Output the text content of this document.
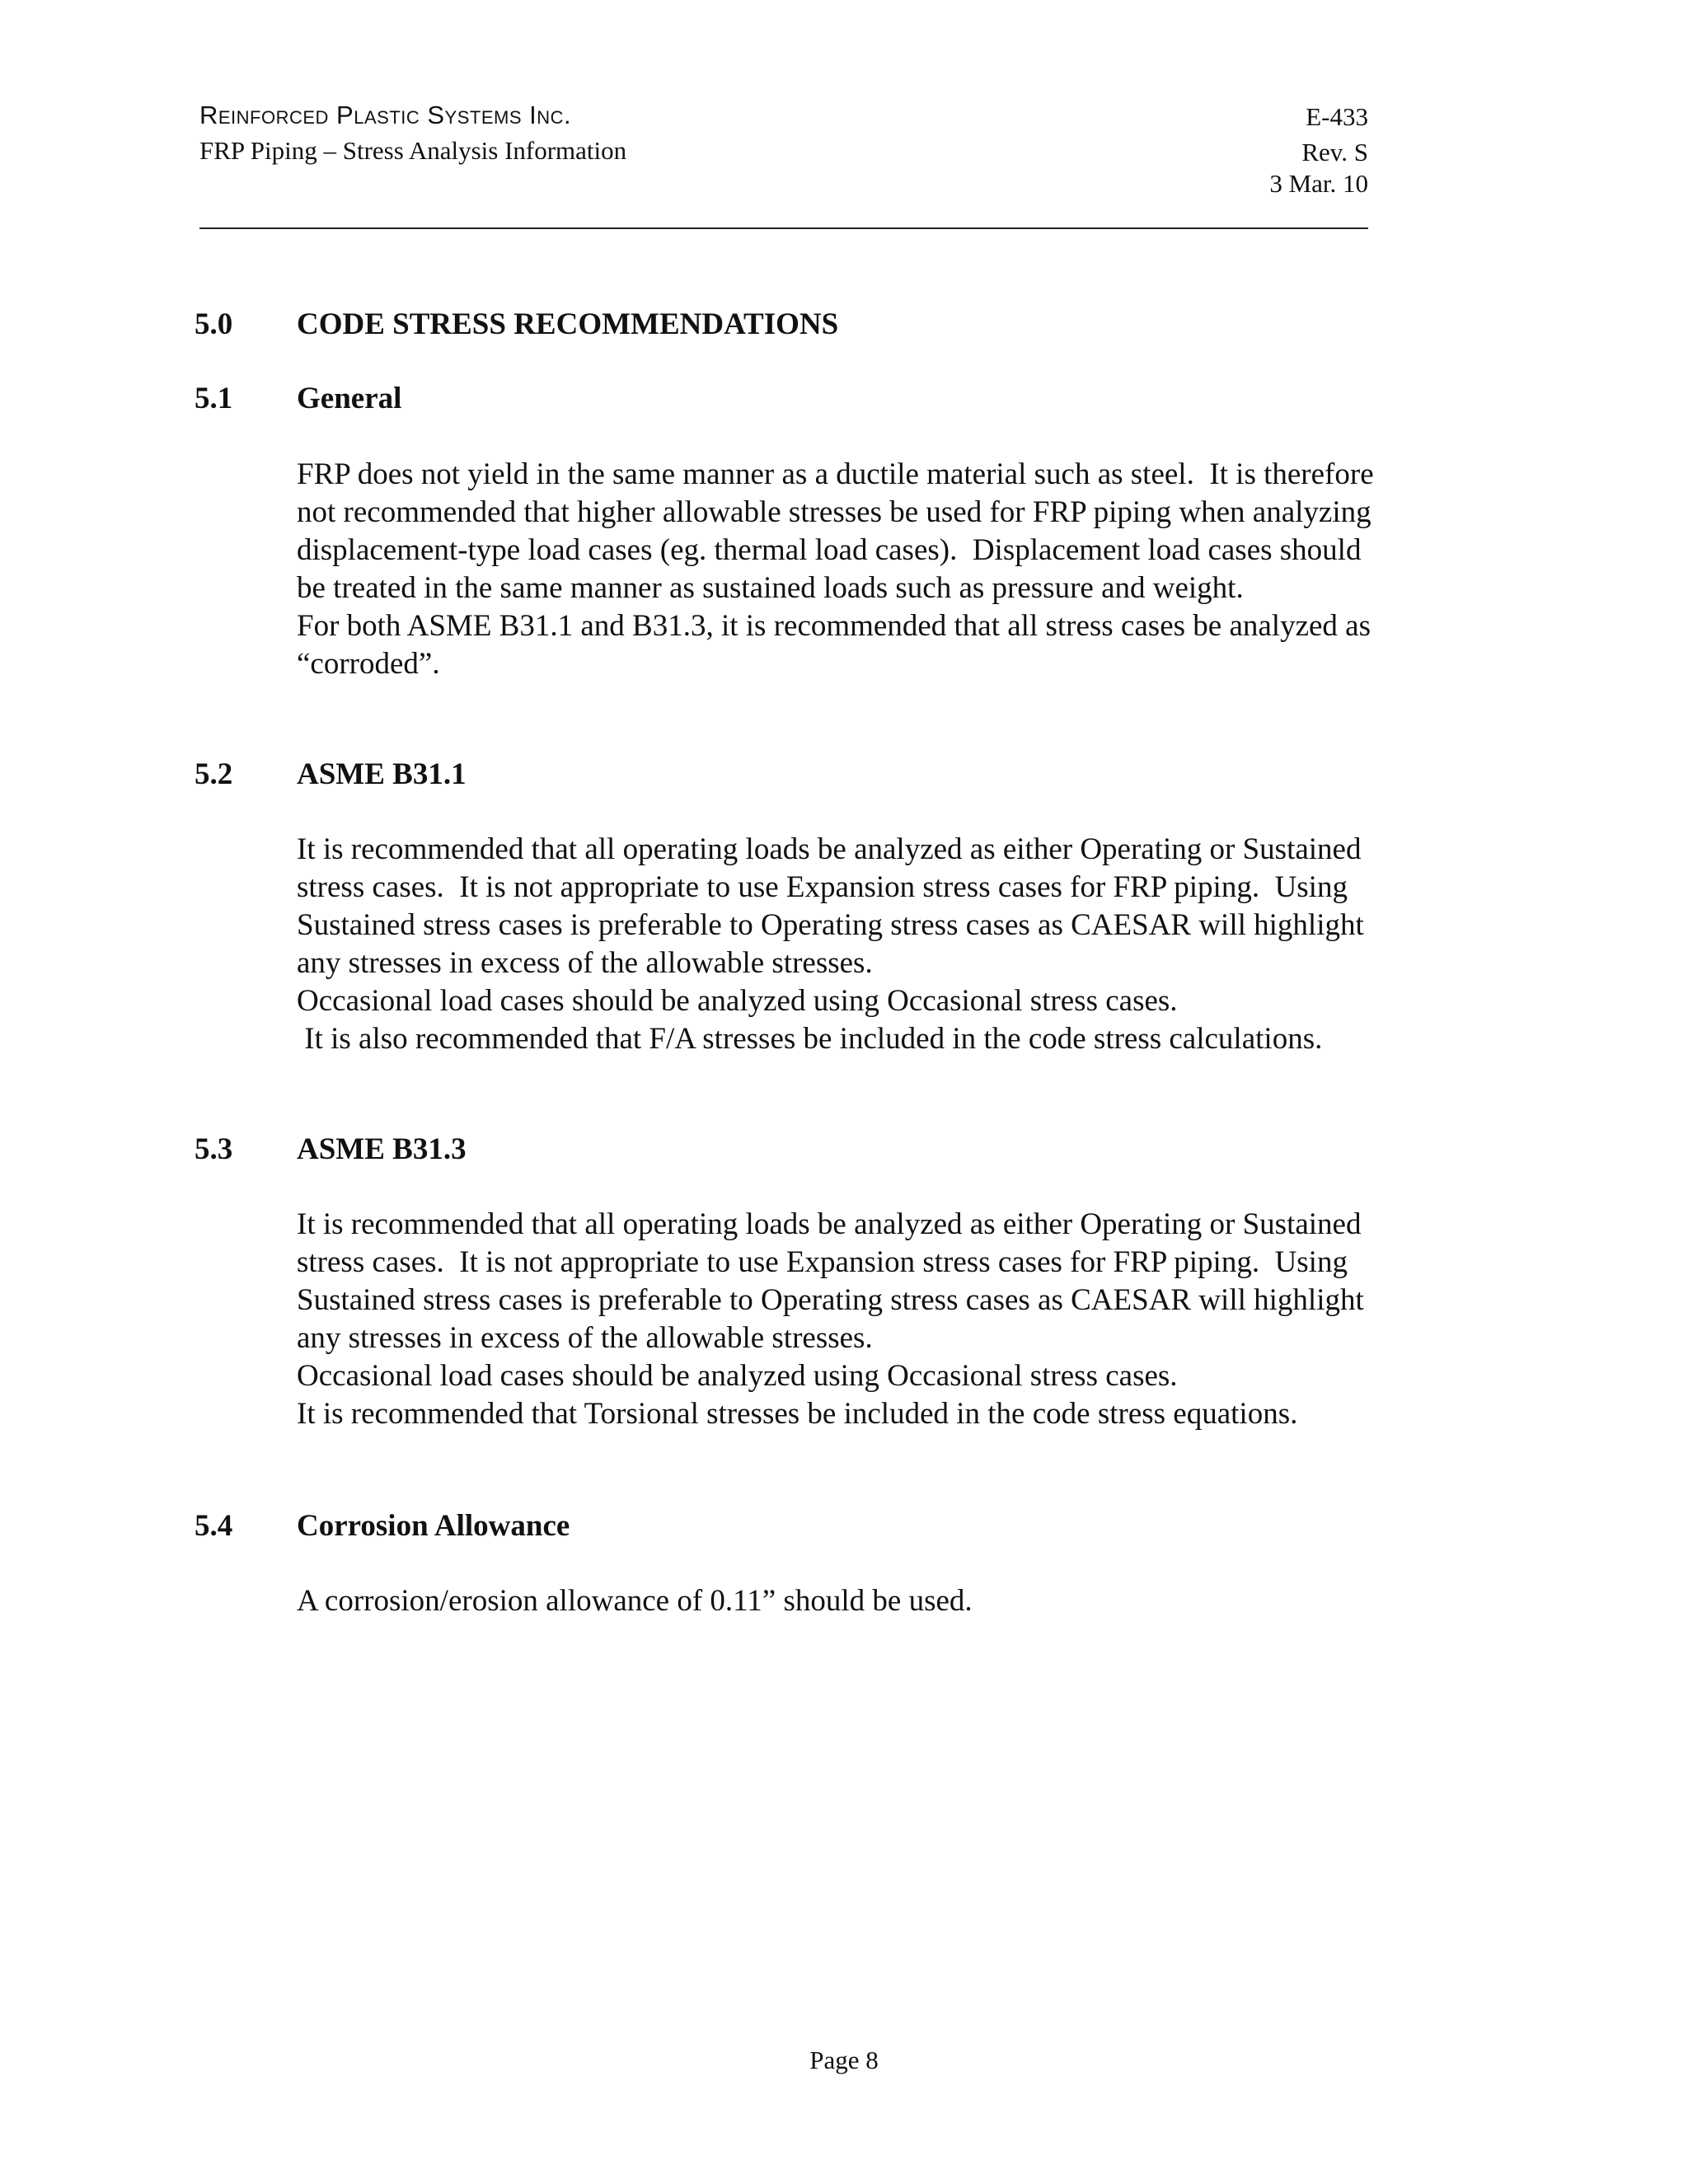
Reinforced Plastic Systems Inc.
FRP Piping – Stress Analysis Information
E-433
Rev. S
3 Mar. 10
5.0 CODE STRESS RECOMMENDATIONS
5.1 General

FRP does not yield in the same manner as a ductile material such as steel.  It is therefore

not recommended that higher allowable stresses be used for FRP piping when analyzing

displacement-type load cases (eg. thermal load cases).  Displacement load cases should

be treated in the same manner as sustained loads such as pressure and weight.

For both ASME B31.1 and B31.3, it is recommended that all stress cases be analyzed as

“corroded”.

5.2 ASME B31.1

It is recommended that all operating loads be analyzed as either Operating or Sustained

stress cases.  It is not appropriate to use Expansion stress cases for FRP piping.  Using

Sustained stress cases is preferable to Operating stress cases as CAESAR will highlight

any stresses in excess of the allowable stresses.

Occasional load cases should be analyzed using Occasional stress cases.

It is also recommended that F/A stresses be included in the code stress calculations.

5.3 ASME B31.3

It is recommended that all operating loads be analyzed as either Operating or Sustained

stress cases.  It is not appropriate to use Expansion stress cases for FRP piping.  Using

Sustained stress cases is preferable to Operating stress cases as CAESAR will highlight

any stresses in excess of the allowable stresses.

Occasional load cases should be analyzed using Occasional stress cases.

It is recommended that Torsional stresses be included in the code stress equations.

5.4 Corrosion Allowance

A corrosion/erosion allowance of 0.11” should be used.

Page 8
